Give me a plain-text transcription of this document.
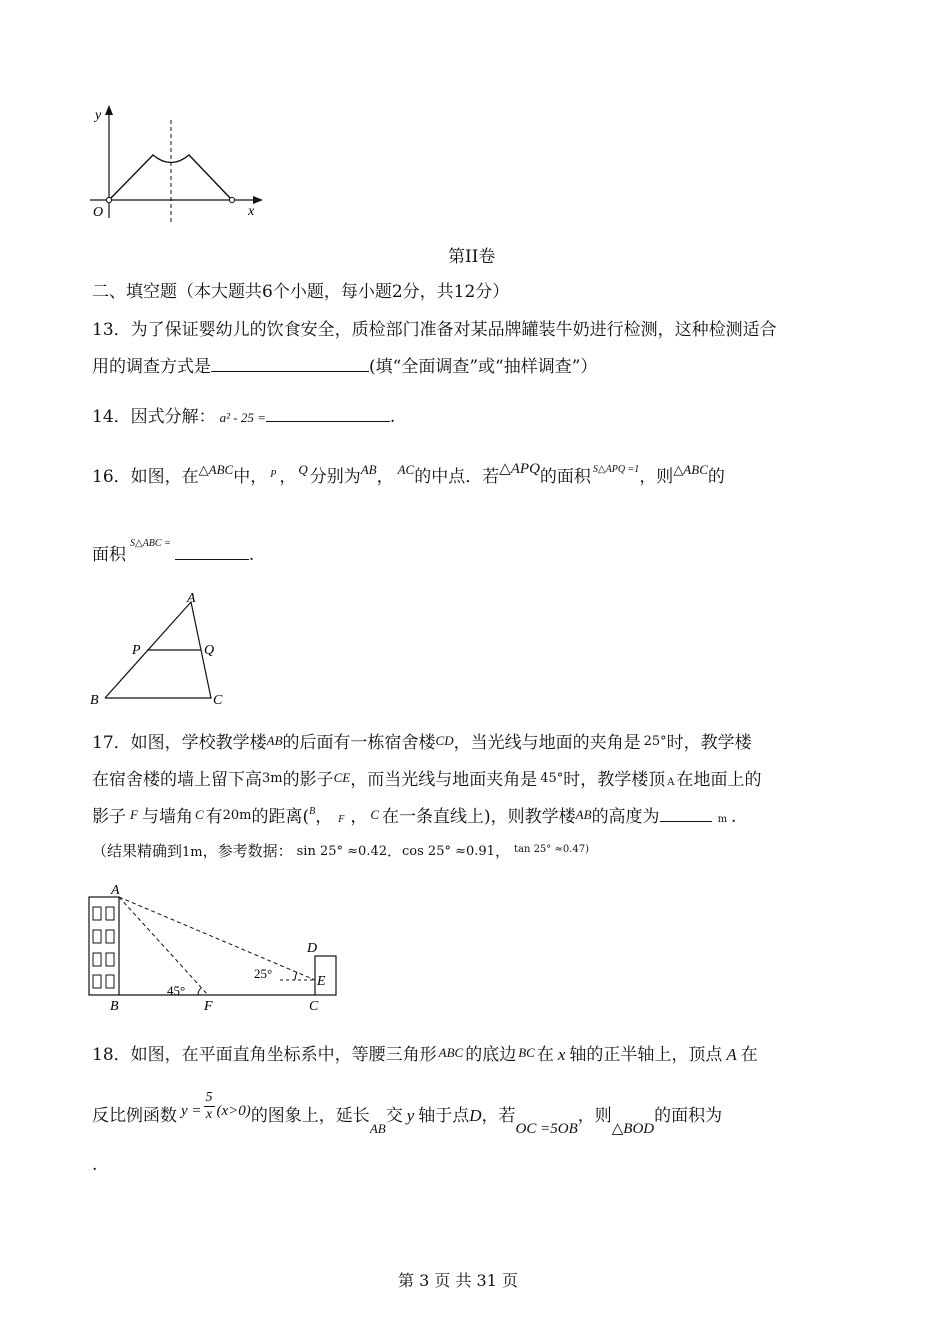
y
x
O
第II卷
二、填空题（本大题共6个小题，每小题2分，共12分）
13．为了保证婴幼儿的饮食安全，质检部门准备对某品牌罐装牛奶进行检测，这种检测适合
用的调查方式是	(填“全面调查”或“抽样调查”）
14．因式分解： a² - 25 =	.
16．如图，在$^{\triangle ABC}$中， $^P$ ， $^Q$ 分别为$^{AB}$， $^{AC}$的中点．若△APQ的面积 $^{S\triangle APQ =1}$，则$^{\triangle ABC}$的
面积$^{S\triangle ABC =}$.
A
P	Q
B	C
17．如图，学校教学楼AB的后面有一栋宿舍楼CD，当光线与地面的夹角是 25°时，教学楼
在宿舍楼的墙上留下高3m的影子CE，而当光线与地面夹角是 45°时，教学楼顶 A 在地面上的
影子 F 与墙角 C 有20m的距离($^B$， F ， C 在一条直线上)，则教学楼AB的高度为	m .
（结果精确到1m，参考数据： sin 25° ≈0.42．cos 25° ≈0.91， $^{tan 25^\circ \approx 0.47)}$
A
B	F	C
D
E
45°
25°
18．如图，在平面直角坐标系中，等腰三角形 ABC 的底边 BC 在 x 轴的正半轴上，顶点 A 在
反比例函数 $y = \frac{5}{x} (x>0)$的图象上，延长$_{AB}$交 y 轴于点D，若OC =5OB，则△BOD的面积为
.
第 3 页 共 31 页
